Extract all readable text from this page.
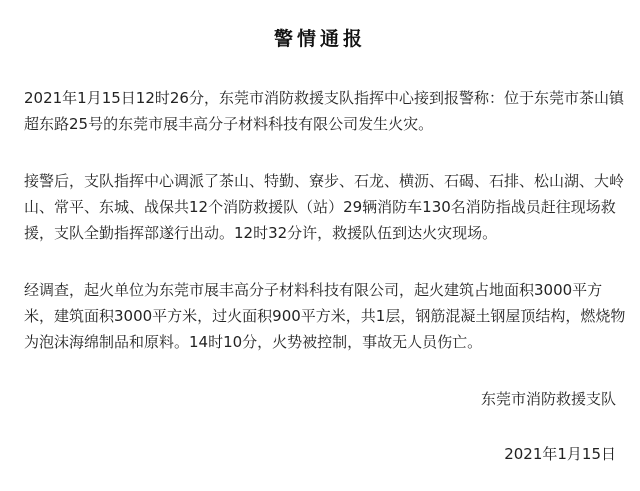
警情通报

2021年1月15日12时26分，东莞市消防救援支队指挥中心接到报警称：位于东莞市茶山镇
超东路25号的东莞市展丰高分子材料科技有限公司发生火灾。

接警后，支队指挥中心调派了茶山、特勤、寮步、石龙、横沥、石碣、石排、松山湖、大岭
山、常平、东城、战保共12个消防救援队（站）29辆消防车130名消防指战员赶往现场救
援，支队全勤指挥部遂行出动。12时32分许，救援队伍到达火灾现场。

经调查，起火单位为东莞市展丰高分子材料科技有限公司，起火建筑占地面积3000平方
米，建筑面积3000平方米，过火面积900平方米，共1层，钢筋混凝土钢屋顶结构，燃烧物
为泡沫海绵制品和原料。14时10分，火势被控制，事故无人员伤亡。

东莞市消防救援支队
2021年1月15日
